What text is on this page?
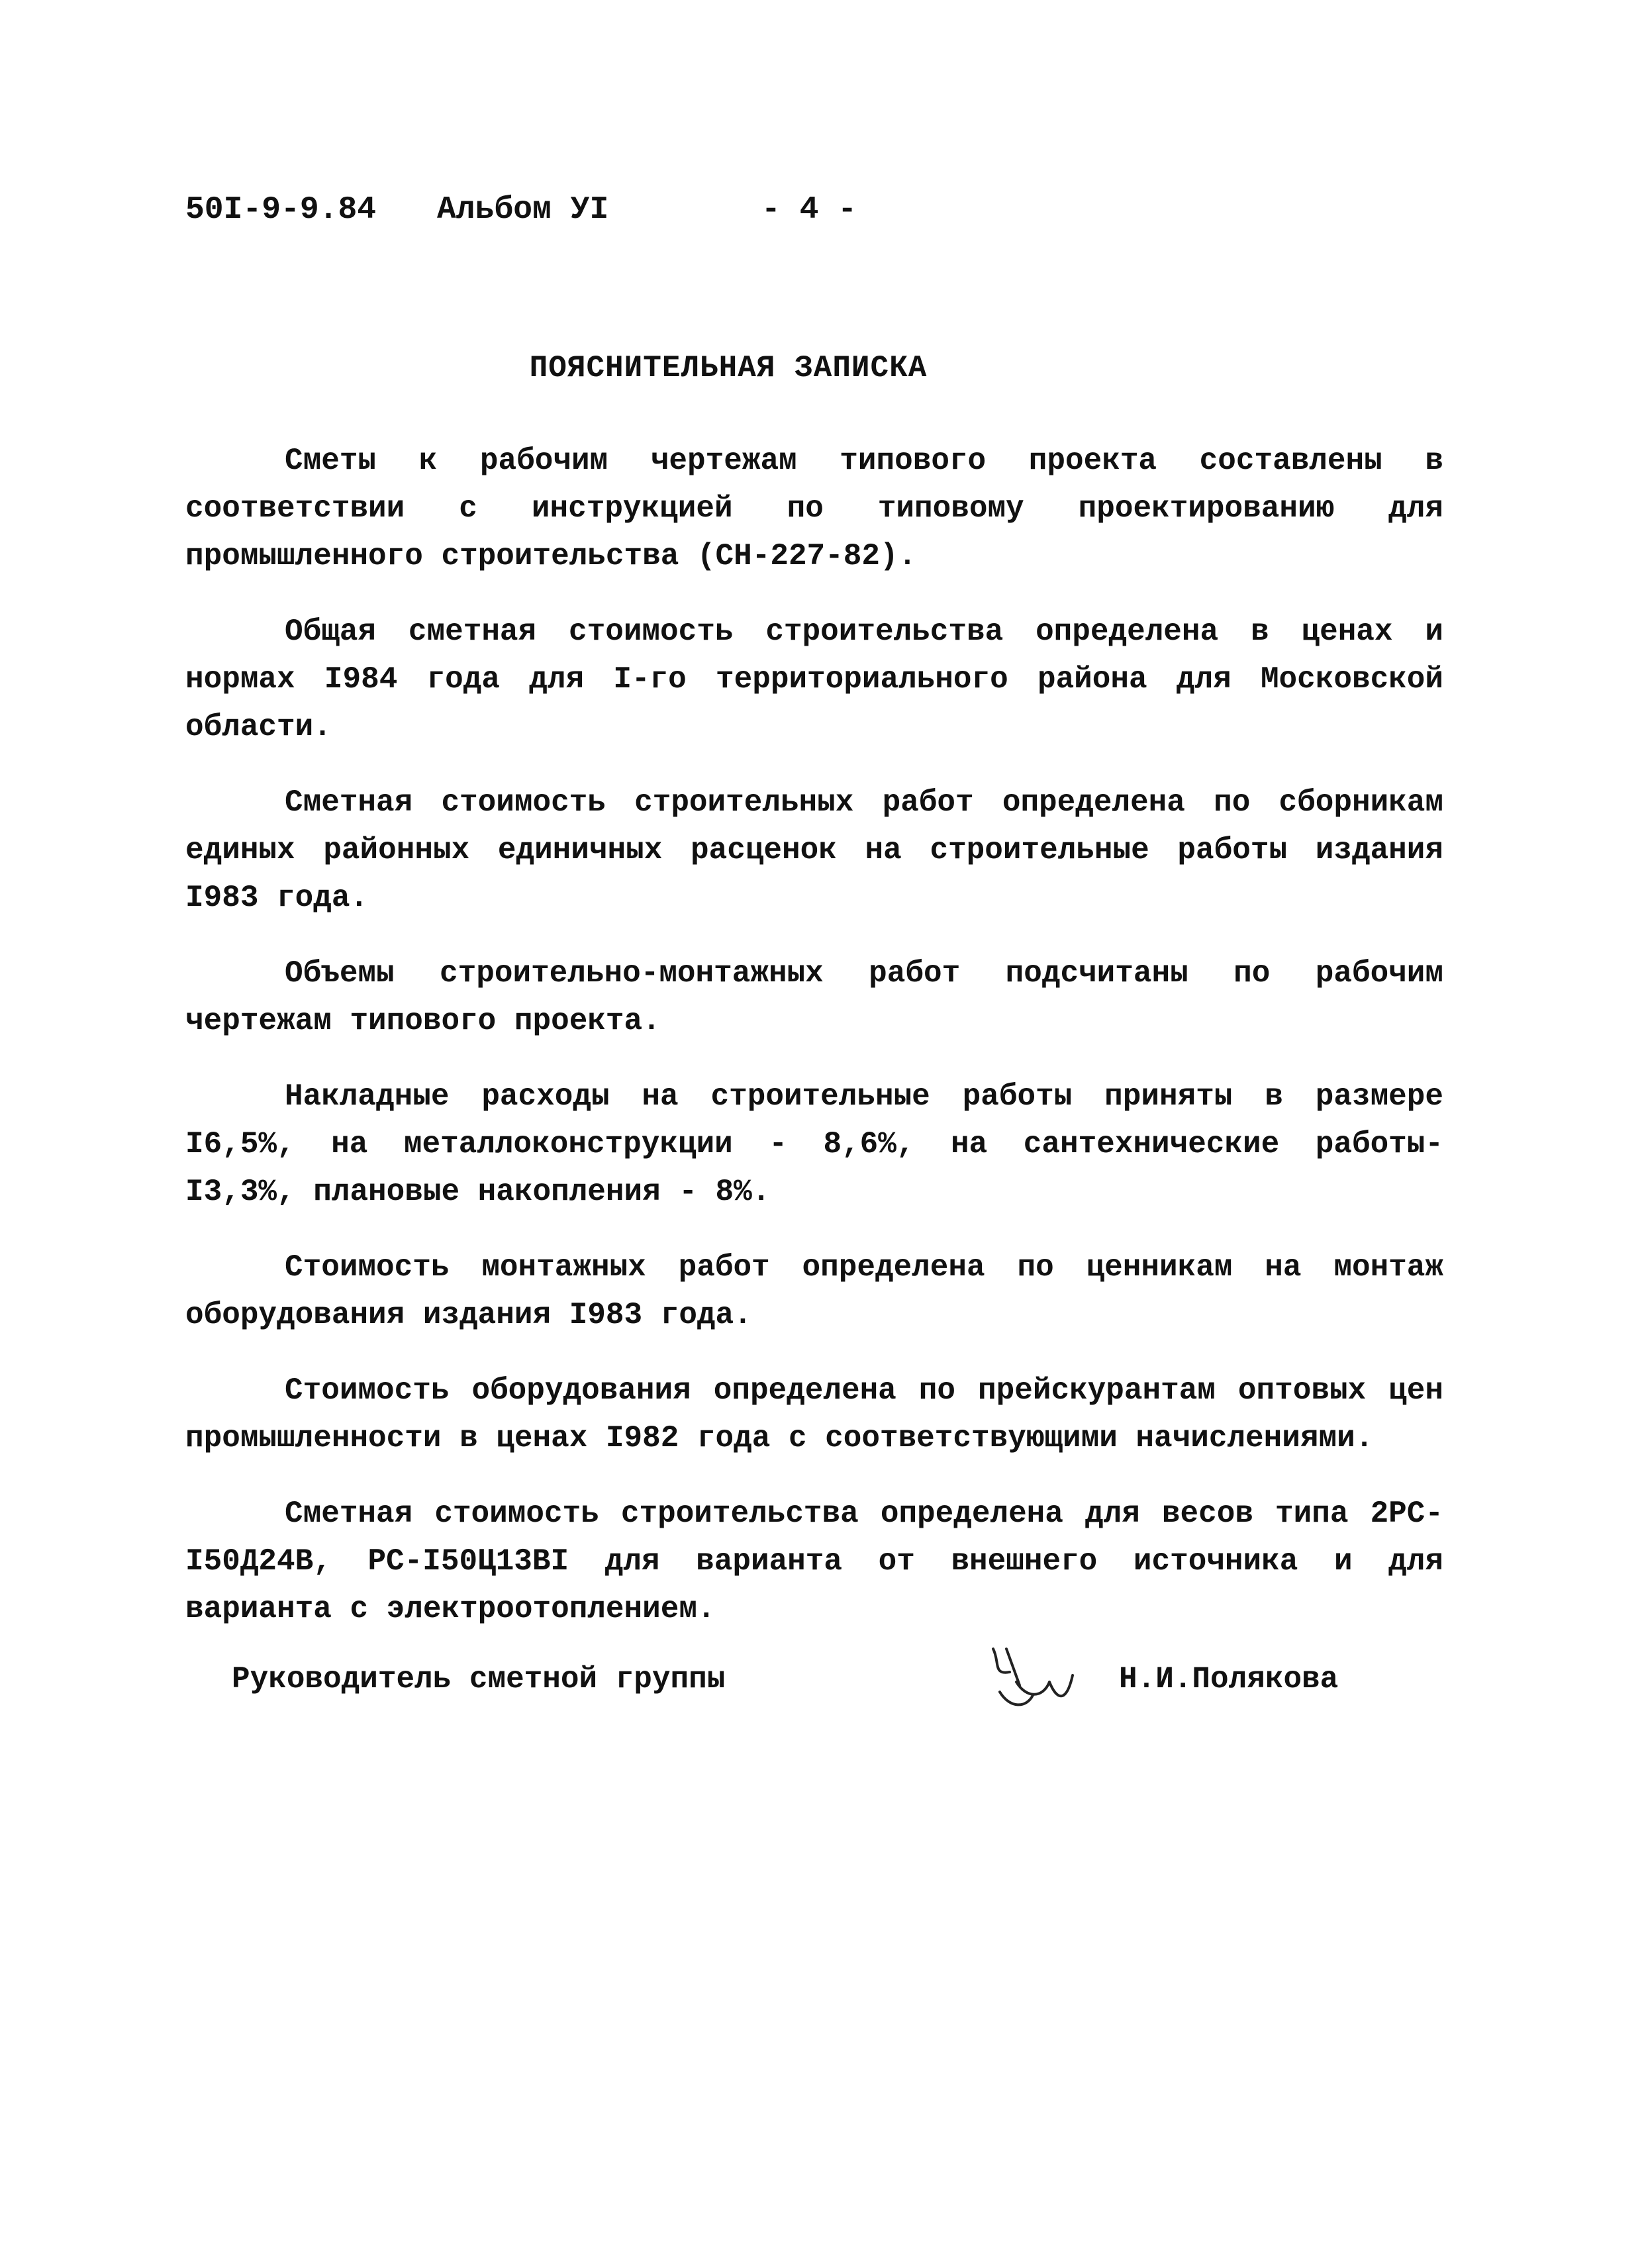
50I-9-9.84 Альбом УI	- 4 -
ПОЯСНИТЕЛЬНАЯ ЗАПИСКА

Сметы к рабочим чертежам типового проекта составлены в соответствии с инструкцией по типовому проектированию для промышленного строительства (СН-227-82).

Общая сметная стоимость строительства определена в ценах и нормах I984 года для I-го территориального района для Московской области.

Сметная стоимость строительных работ определена по сборникам единых районных единичных расценок на строительные работы издания I983 года.

Объемы строительно-монтажных работ подсчитаны по рабочим чертежам типового проекта.

Накладные расходы на строительные работы приняты в размере I6,5%, на металлоконструкции - 8,6%, на сантехнические работы- I3,3%, плановые накопления - 8%.

Стоимость монтажных работ определена по ценникам на монтаж оборудования издания I983 года.

Стоимость оборудования определена по прейскурантам оптовых цен промышленности в ценах I982 года с соответствующими начислениями.

Сметная стоимость строительства определена для весов типа 2РС-I50Д24В, РС-I50Ц13ВI для варианта от внешнего источника и для варианта с электроотоплением.

Руководитель сметной группы	Н.И.Полякова
